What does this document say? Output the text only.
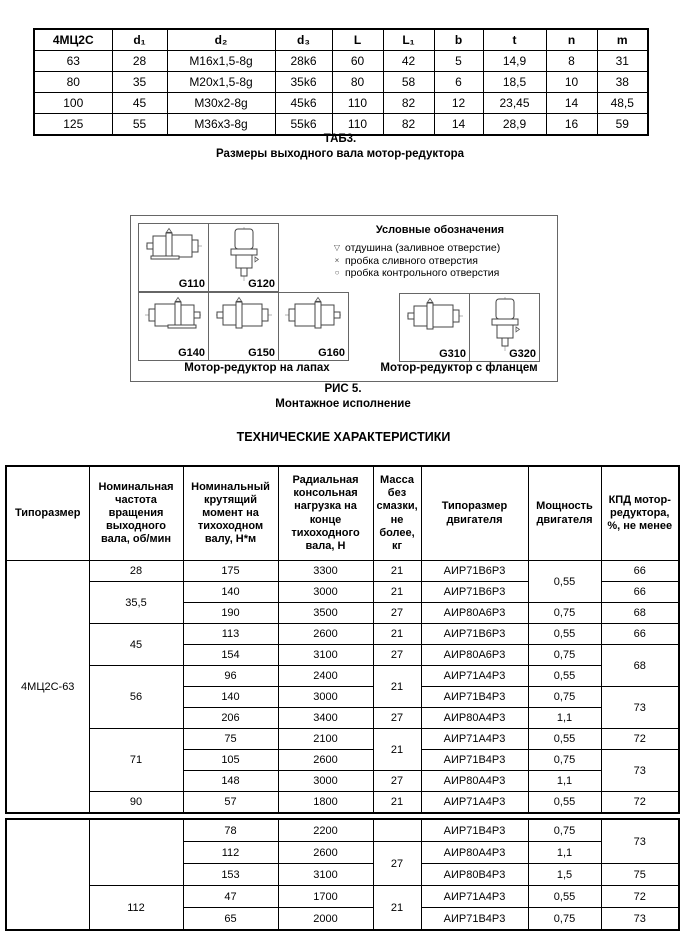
4МЦ2С	d₁	d₂	d₃	L	L₁	b	t	n	m
63	28	M16x1,5-8g	28k6	60	42	5	14,9	8	31
80	35	M20x1,5-8g	35k6	80	58	6	18,5	10	38
100	45	M30x2-8g	45k6	110	82	12	23,45	14	48,5
125	55	M36x3-8g	55k6	110	82	14	28,9	16	59
ТАБ3.
Размеры выходного вала мотор-редуктора
G110	G120
G140	G150	G160	G310	G320
Условные обозначения
▽ отдушина (заливное отверстие)
× пробка сливного отверстия
○ пробка контрольного отверстия
Мотор-редуктор на лапах	Мотор-редуктор с фланцем
РИС 5.
Монтажное исполнение
ТЕХНИЧЕСКИЕ ХАРАКТЕРИСТИКИ
Типоразмер	Номинальная частота вращения выходного вала, об/мин	Номинальный крутящий момент на тихоходном валу, Н*м	Радиальная консольная нагрузка на конце тихоходного вала, Н	Масса без смазки, не более, кг	Типоразмер двигателя	Мощность двигателя	КПД мотор-редуктора, %, не менее
4МЦ2С-63	28	175	3300	21	АИР71В6Р3	0,55	66
	35,5	140	3000	21	АИР71В6Р3		66
		190	3500	27	АИР80А6Р3	0,75	68
	45	113	2600	21	АИР71В6Р3	0,55	66
		154	3100	27	АИР80А6Р3	0,75	68
	56	96	2400	21	АИР71А4Р3	0,55	
		140	3000		АИР71В4Р3	0,75	73
		206	3400	27	АИР80А4Р3	1,1	
	71	75	2100	21	АИР71А4Р3	0,55	72
		105	2600		АИР71В4Р3	0,75	73
		148	3000	27	АИР80А4Р3	1,1	
	90	57	1800	21	АИР71А4Р3	0,55	72
		78	2200		АИР71В4Р3	0,75	73
		112	2600	27	АИР80А4Р3	1,1	
		153	3100		АИР80В4Р3	1,5	75
	112	47	1700	21	АИР71А4Р3	0,55	72
		65	2000		АИР71В4Р3	0,75	73
